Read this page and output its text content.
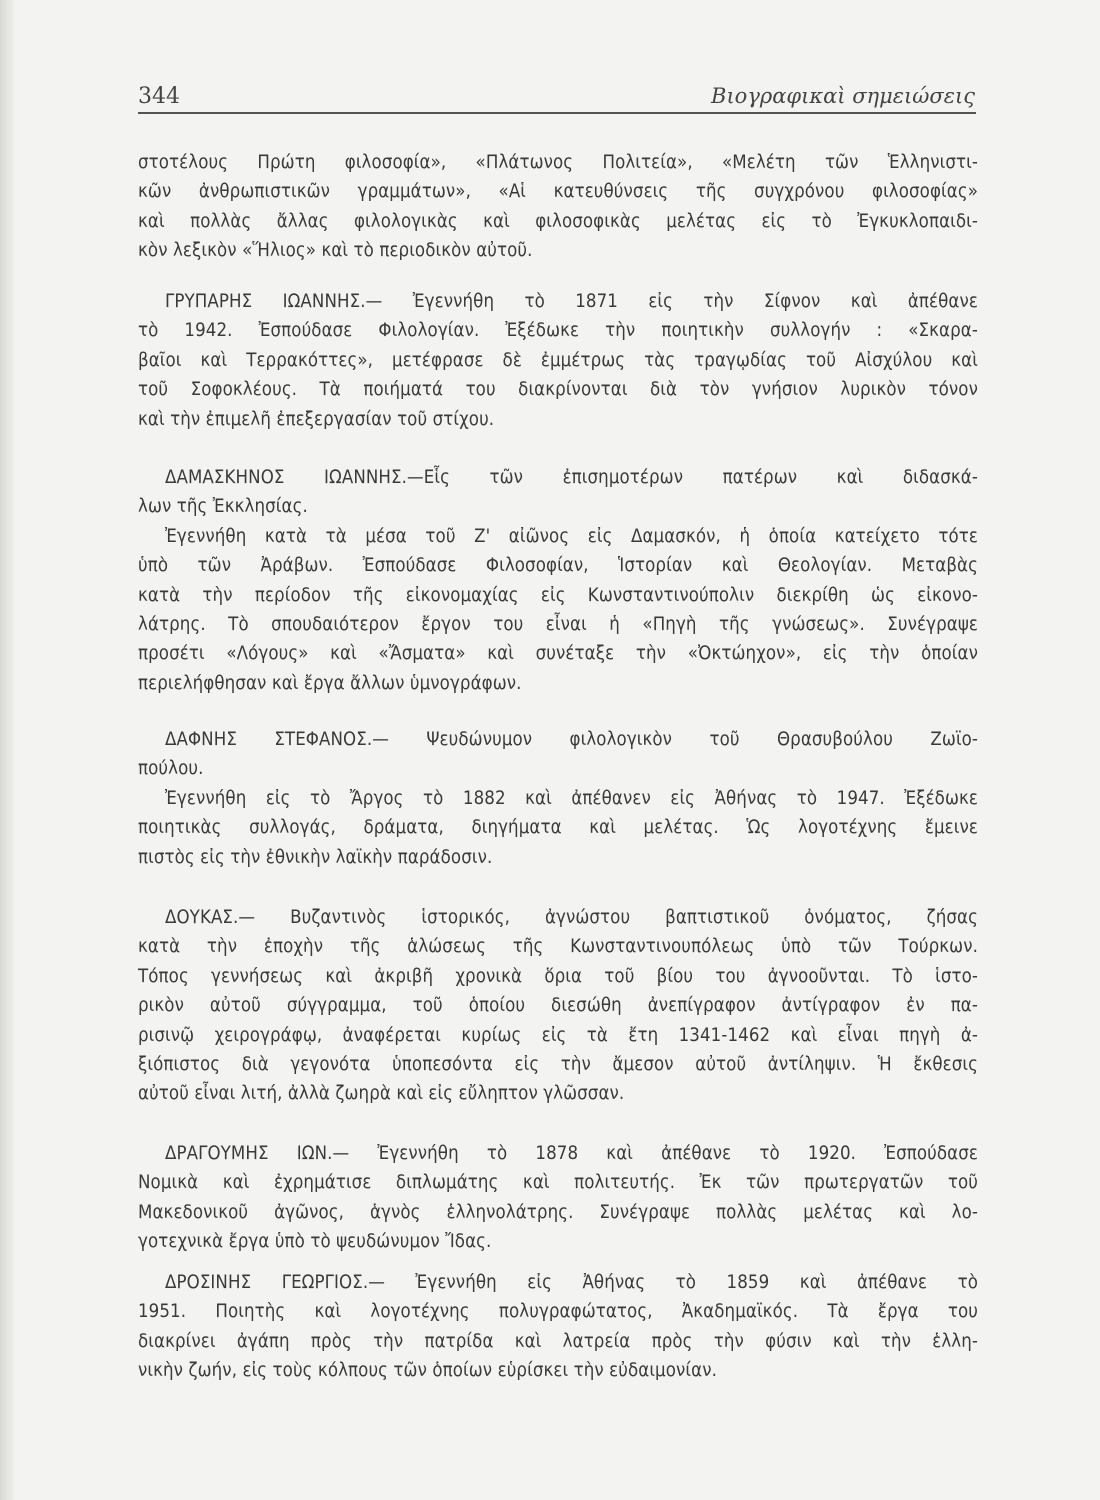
344	Βιογραφικαὶ σημειώσεις
στοτέλους Πρώτη φιλοσοφία», «Πλάτωνος Πολιτεία», «Μελέτη τῶν Ἑλληνιστι-
κῶν ἀνθρωπιστικῶν γραμμάτων», «Αἱ κατευθύνσεις τῆς συγχρόνου φιλοσοφίας»
καὶ πολλὰς ἄλλας φιλολογικὰς καὶ φιλοσοφικὰς μελέτας εἰς τὸ Ἐγκυκλοπαιδι-
κὸν λεξικὸν «Ἥλιος» καὶ τὸ περιοδικὸν αὐτοῦ.
ΓΡΥΠΑΡΗΣ ΙΩΑΝΝΗΣ.— Ἐγεννήθη τὸ 1871 εἰς τὴν Σίφνον καὶ ἀπέθανε
τὸ 1942. Ἐσπούδασε Φιλολογίαν. Ἐξέδωκε τὴν ποιητικὴν συλλογήν : «Σκαρα-
βαῖοι καὶ Τερρακόττες», μετέφρασε δὲ ἐμμέτρως τὰς τραγῳδίας τοῦ Αἰσχύλου καὶ
τοῦ Σοφοκλέους. Τὰ ποιήματά του διακρίνονται διὰ τὸν γνήσιον λυρικὸν τόνον
καὶ τὴν ἐπιμελῆ ἐπεξεργασίαν τοῦ στίχου.
ΔΑΜΑΣΚΗΝΟΣ ΙΩΑΝΝΗΣ.—Εἷς τῶν ἐπισημοτέρων πατέρων καὶ διδασκά-
λων τῆς Ἐκκλησίας.
Ἐγεννήθη κατὰ τὰ μέσα τοῦ Ζ' αἰῶνος εἰς Δαμασκόν, ἡ ὁποία κατείχετο τότε
ὑπὸ τῶν Ἀράβων. Ἐσπούδασε Φιλοσοφίαν, Ἱστορίαν καὶ Θεολογίαν. Μεταβὰς
κατὰ τὴν περίοδον τῆς εἰκονομαχίας εἰς Κωνσταντινούπολιν διεκρίθη ὡς εἰκονο-
λάτρης. Τὸ σπουδαιότερον ἔργον του εἶναι ἡ «Πηγὴ τῆς γνώσεως». Συνέγραψε
προσέτι «Λόγους» καὶ «Ἄσματα» καὶ συνέταξε τὴν «Ὀκτώηχον», εἰς τὴν ὁποίαν
περιελήφθησαν καὶ ἔργα ἄλλων ὑμνογράφων.
ΔΑΦΝΗΣ ΣΤΕΦΑΝΟΣ.— Ψευδώνυμον φιλολογικὸν τοῦ Θρασυβούλου Ζωϊο-
πούλου.
Ἐγεννήθη εἰς τὸ Ἄργος τὸ 1882 καὶ ἀπέθανεν εἰς Ἀθήνας τὸ 1947. Ἐξέδωκε
ποιητικὰς συλλογάς, δράματα, διηγήματα καὶ μελέτας. Ὡς λογοτέχνης ἔμεινε
πιστὸς εἰς τὴν ἐθνικὴν λαϊκὴν παράδοσιν.
ΔΟΥΚΑΣ.— Βυζαντινὸς ἱστορικός, ἀγνώστου βαπτιστικοῦ ὀνόματος, ζήσας
κατὰ τὴν ἐποχὴν τῆς ἁλώσεως τῆς Κωνσταντινουπόλεως ὑπὸ τῶν Τούρκων.
Τόπος γεννήσεως καὶ ἀκριβῆ χρονικὰ ὅρια τοῦ βίου του ἀγνοοῦνται. Τὸ ἱστο-
ρικὸν αὐτοῦ σύγγραμμα, τοῦ ὁποίου διεσώθη ἀνεπίγραφον ἀντίγραφον ἐν πα-
ρισινῷ χειρογράφῳ, ἀναφέρεται κυρίως εἰς τὰ ἔτη 1341-1462 καὶ εἶναι πηγὴ ἀ-
ξιόπιστος διὰ γεγονότα ὑποπεσόντα εἰς τὴν ἄμεσον αὐτοῦ ἀντίληψιν. Ἡ ἔκθεσις
αὐτοῦ εἶναι λιτή, ἀλλὰ ζωηρὰ καὶ εἰς εὔληπτον γλῶσσαν.
ΔΡΑΓΟΥΜΗΣ ΙΩΝ.— Ἐγεννήθη τὸ 1878 καὶ ἀπέθανε τὸ 1920. Ἐσπούδασε
Νομικὰ καὶ ἐχρημάτισε διπλωμάτης καὶ πολιτευτής. Ἐκ τῶν πρωτεργατῶν τοῦ
Μακεδονικοῦ ἀγῶνος, ἁγνὸς ἑλληνολάτρης. Συνέγραψε πολλὰς μελέτας καὶ λο-
γοτεχνικὰ ἔργα ὑπὸ τὸ ψευδώνυμον Ἴδας.
ΔΡΟΣΙΝΗΣ ΓΕΩΡΓΙΟΣ.— Ἐγεννήθη εἰς Ἀθήνας τὸ 1859 καὶ ἀπέθανε τὸ
1951. Ποιητὴς καὶ λογοτέχνης πολυγραφώτατος, Ἀκαδημαϊκός. Τὰ ἔργα του
διακρίνει ἀγάπη πρὸς τὴν πατρίδα καὶ λατρεία πρὸς τὴν φύσιν καὶ τὴν ἑλλη-
νικὴν ζωήν, εἰς τοὺς κόλπους τῶν ὁποίων εὑρίσκει τὴν εὐδαιμονίαν.
